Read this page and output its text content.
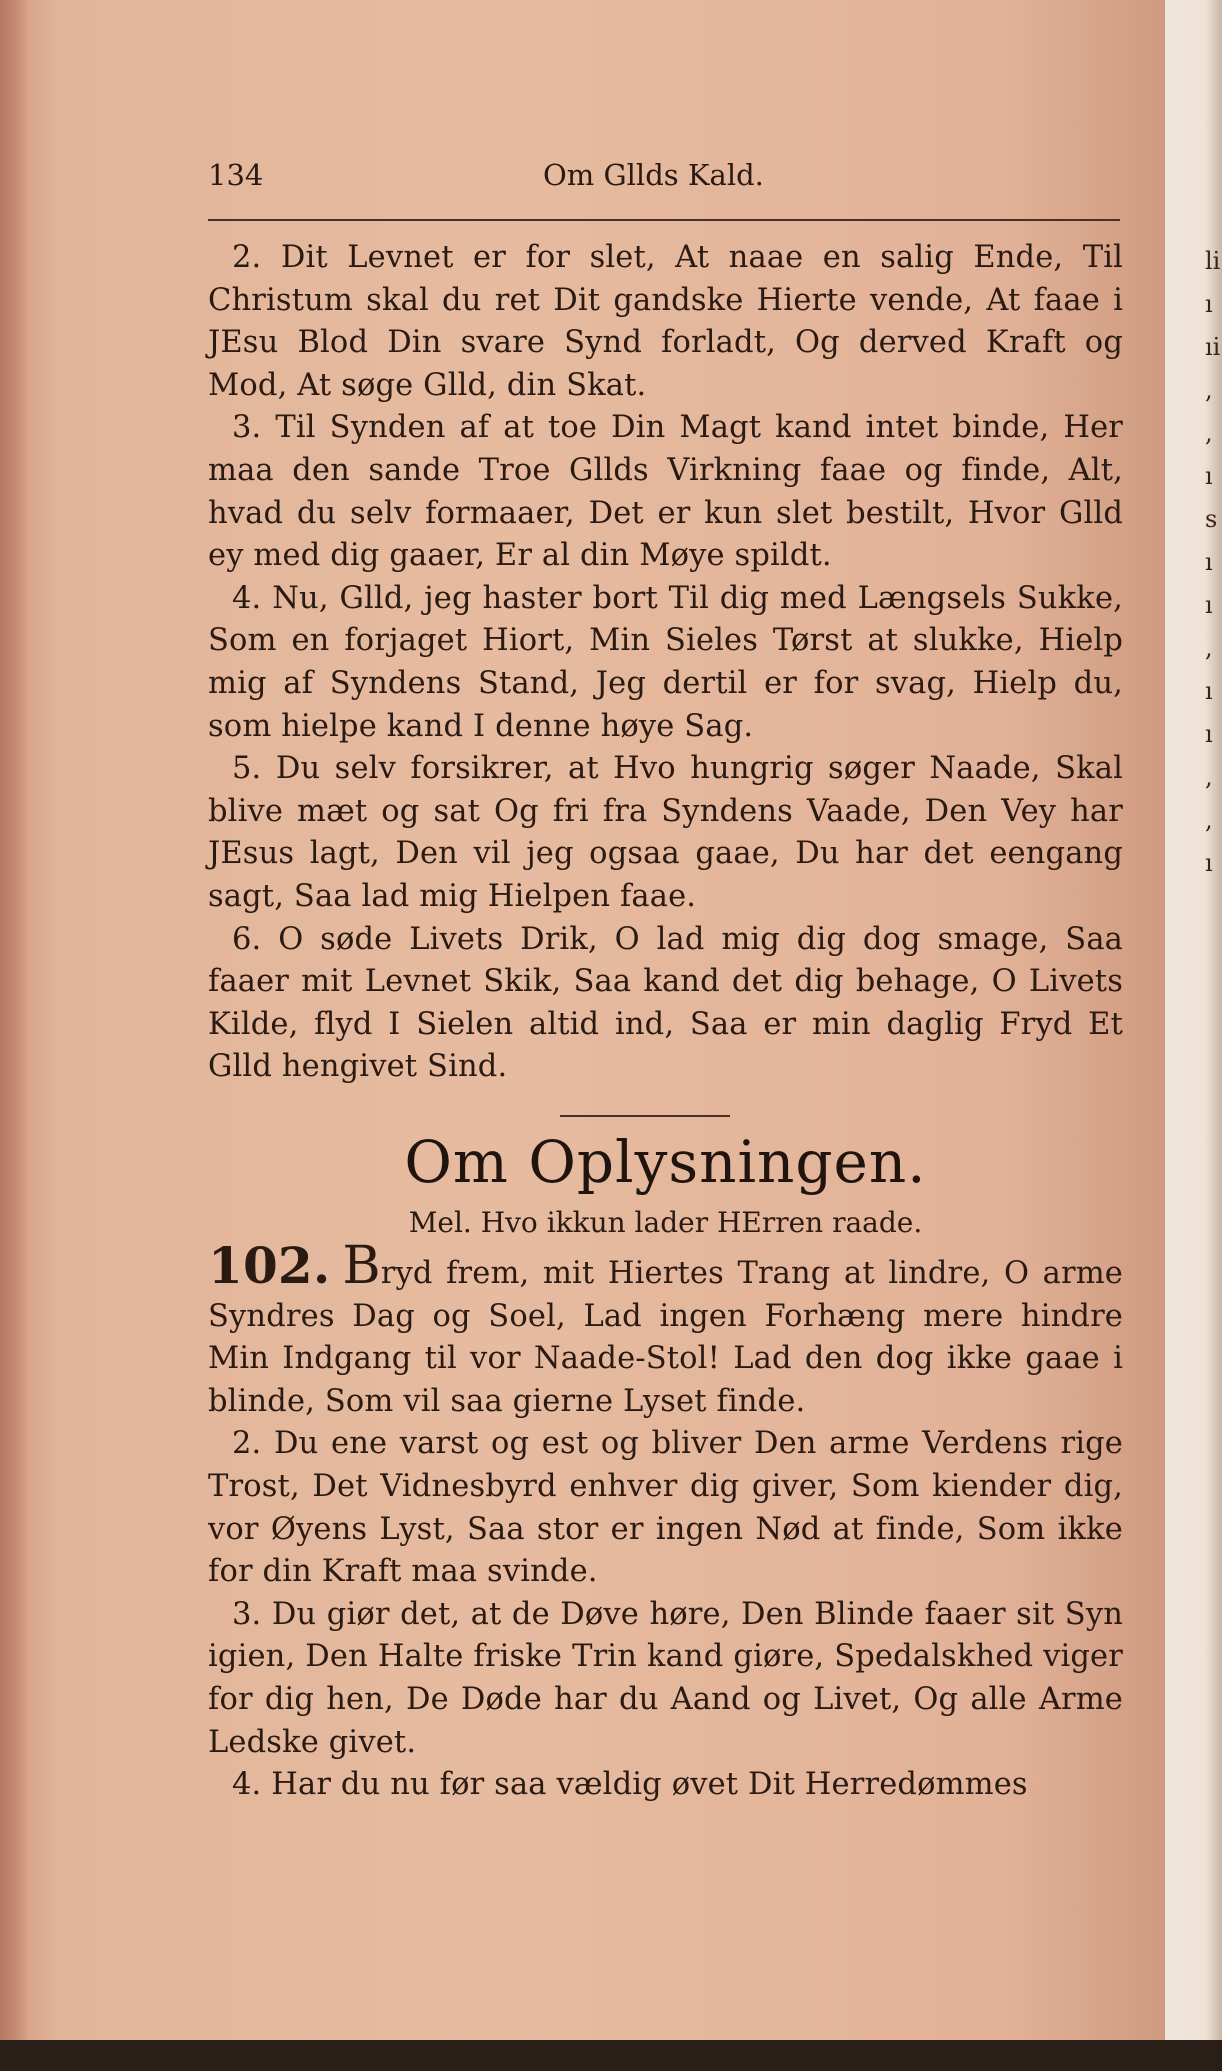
li
ı
ıi
,
,
ı
s
ı
ı
,
ı
ı
,
,
ı
134	Om Gllds Kald.

2. Dit Levnet er for slet, At naae en salig Ende, Til Christum skal du ret Dit gandske Hierte vende, At faae i JEsu Blod Din svare Synd forladt, Og derved Kraft og Mod, At søge Glld, din Skat.

3. Til Synden af at toe Din Magt kand intet binde, Her maa den sande Troe Gllds Virkning faae og finde, Alt, hvad du selv formaaer, Det er kun slet bestilt, Hvor Glld ey med dig gaaer, Er al din Møye spildt.

4. Nu, Glld, jeg haster bort Til dig med Længsels Sukke, Som en forjaget Hiort, Min Sieles Tørst at slukke, Hielp mig af Syndens Stand, Jeg dertil er for svag, Hielp du, som hielpe kand I denne høye Sag.

5. Du selv forsikrer, at Hvo hungrig søger Naade, Skal blive mæt og sat Og fri fra Syndens Vaade, Den Vey har JEsus lagt, Den vil jeg ogsaa gaae, Du har det eengang sagt, Saa lad mig Hielpen faae.

6. O søde Livets Drik, O lad mig dig dog smage, Saa faaer mit Levnet Skik, Saa kand det dig behage, O Livets Kilde, flyd I Sielen altid ind, Saa er min daglig Fryd Et Glld hengivet Sind.

Om Oplysningen.
Mel. Hvo ikkun lader HErren raade.

102. Bryd frem, mit Hiertes Trang at lindre, O arme Syndres Dag og Soel, Lad ingen Forhæng mere hindre Min Indgang til vor Naade-Stol! Lad den dog ikke gaae i blinde, Som vil saa gierne Lyset finde.

2. Du ene varst og est og bliver Den arme Verdens rige Trost, Det Vidnesbyrd enhver dig giver, Som kiender dig, vor Øyens Lyst, Saa stor er ingen Nød at finde, Som ikke for din Kraft maa svinde.

3. Du giør det, at de Døve høre, Den Blinde faaer sit Syn igien, Den Halte friske Trin kand giøre, Spedalskhed viger for dig hen, De Døde har du Aand og Livet, Og alle Arme Ledske givet.

4. Har du nu før saa vældig øvet Dit Herredømmes
